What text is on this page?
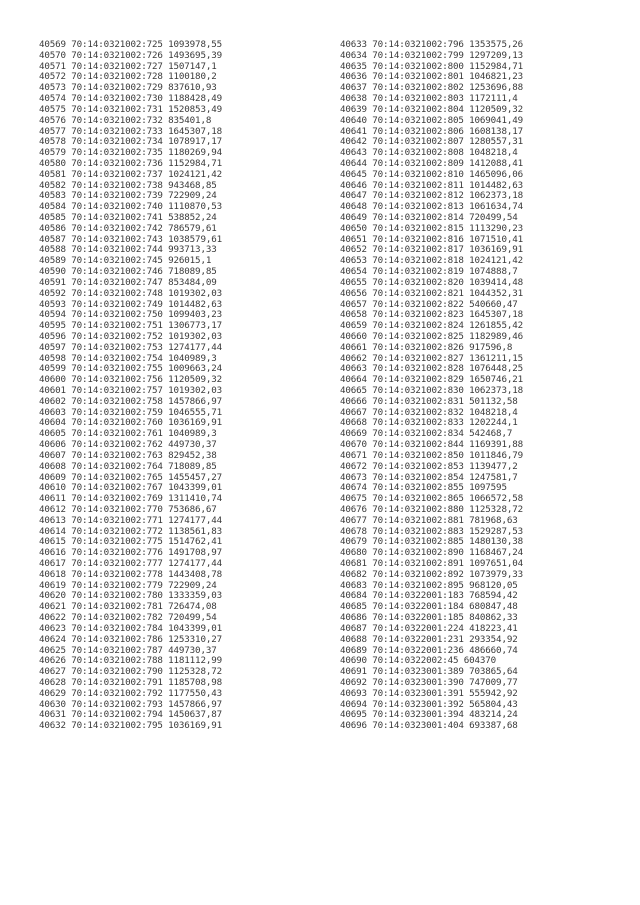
40569 70:14:0321002:725 1093978,55
40570 70:14:0321002:726 1493695,39
40571 70:14:0321002:727 1507147,1
40572 70:14:0321002:728 1100180,2
40573 70:14:0321002:729 837610,93
40574 70:14:0321002:730 1188428,49
40575 70:14:0321002:731 1520853,49
40576 70:14:0321002:732 835401,8
40577 70:14:0321002:733 1645307,18
40578 70:14:0321002:734 1078917,17
40579 70:14:0321002:735 1180269,94
40580 70:14:0321002:736 1152984,71
40581 70:14:0321002:737 1024121,42
40582 70:14:0321002:738 943468,85
40583 70:14:0321002:739 722909,24
40584 70:14:0321002:740 1110870,53
40585 70:14:0321002:741 538852,24
40586 70:14:0321002:742 786579,61
40587 70:14:0321002:743 1038579,61
40588 70:14:0321002:744 993713,33
40589 70:14:0321002:745 926015,1
40590 70:14:0321002:746 718089,85
40591 70:14:0321002:747 853484,09
40592 70:14:0321002:748 1019302,03
40593 70:14:0321002:749 1014482,63
40594 70:14:0321002:750 1099403,23
40595 70:14:0321002:751 1306773,17
40596 70:14:0321002:752 1019302,03
40597 70:14:0321002:753 1274177,44
40598 70:14:0321002:754 1040989,3
40599 70:14:0321002:755 1009663,24
40600 70:14:0321002:756 1120509,32
40601 70:14:0321002:757 1019302,03
40602 70:14:0321002:758 1457866,97
40603 70:14:0321002:759 1046555,71
40604 70:14:0321002:760 1036169,91
40605 70:14:0321002:761 1040989,3
40606 70:14:0321002:762 449730,37
40607 70:14:0321002:763 829452,38
40608 70:14:0321002:764 718089,85
40609 70:14:0321002:765 1455457,27
40610 70:14:0321002:767 1043399,01
40611 70:14:0321002:769 1311410,74
40612 70:14:0321002:770 753686,67
40613 70:14:0321002:771 1274177,44
40614 70:14:0321002:772 1138561,83
40615 70:14:0321002:775 1514762,41
40616 70:14:0321002:776 1491708,97
40617 70:14:0321002:777 1274177,44
40618 70:14:0321002:778 1443408,78
40619 70:14:0321002:779 722909,24
40620 70:14:0321002:780 1333359,03
40621 70:14:0321002:781 726474,08
40622 70:14:0321002:782 720499,54
40623 70:14:0321002:784 1043399,01
40624 70:14:0321002:786 1253310,27
40625 70:14:0321002:787 449730,37
40626 70:14:0321002:788 1181112,99
40627 70:14:0321002:790 1125328,72
40628 70:14:0321002:791 1185708,98
40629 70:14:0321002:792 1177550,43
40630 70:14:0321002:793 1457866,97
40631 70:14:0321002:794 1450637,87
40632 70:14:0321002:795 1036169,91
40633 70:14:0321002:796 1353575,26
40634 70:14:0321002:799 1297209,13
40635 70:14:0321002:800 1152984,71
40636 70:14:0321002:801 1046821,23
40637 70:14:0321002:802 1253696,88
40638 70:14:0321002:803 1172111,4
40639 70:14:0321002:804 1120509,32
40640 70:14:0321002:805 1069041,49
40641 70:14:0321002:806 1608138,17
40642 70:14:0321002:807 1280557,31
40643 70:14:0321002:808 1048218,4
40644 70:14:0321002:809 1412088,41
40645 70:14:0321002:810 1465096,06
40646 70:14:0321002:811 1014482,63
40647 70:14:0321002:812 1062373,18
40648 70:14:0321002:813 1061634,74
40649 70:14:0321002:814 720499,54
40650 70:14:0321002:815 1113290,23
40651 70:14:0321002:816 1071510,41
40652 70:14:0321002:817 1036169,91
40653 70:14:0321002:818 1024121,42
40654 70:14:0321002:819 1074888,7
40655 70:14:0321002:820 1039414,48
40656 70:14:0321002:821 1044352,31
40657 70:14:0321002:822 540660,47
40658 70:14:0321002:823 1645307,18
40659 70:14:0321002:824 1261855,42
40660 70:14:0321002:825 1182989,46
40661 70:14:0321002:826 917596,8
40662 70:14:0321002:827 1361211,15
40663 70:14:0321002:828 1076448,25
40664 70:14:0321002:829 1650746,21
40665 70:14:0321002:830 1062373,18
40666 70:14:0321002:831 501132,58
40667 70:14:0321002:832 1048218,4
40668 70:14:0321002:833 1202244,1
40669 70:14:0321002:834 542468,7
40670 70:14:0321002:844 1169391,88
40671 70:14:0321002:850 1011846,79
40672 70:14:0321002:853 1139477,2
40673 70:14:0321002:854 1247581,7
40674 70:14:0321002:855 1097595
40675 70:14:0321002:865 1066572,58
40676 70:14:0321002:880 1125328,72
40677 70:14:0321002:881 781968,63
40678 70:14:0321002:883 1529287,53
40679 70:14:0321002:885 1480130,38
40680 70:14:0321002:890 1168467,24
40681 70:14:0321002:891 1097651,04
40682 70:14:0321002:892 1073979,33
40683 70:14:0321002:895 968120,05
40684 70:14:0322001:183 768594,42
40685 70:14:0322001:184 680847,48
40686 70:14:0322001:185 840862,33
40687 70:14:0322001:224 418223,41
40688 70:14:0322001:231 293354,92
40689 70:14:0322001:236 486660,74
40690 70:14:0322002:45 604370
40691 70:14:0323001:389 703865,64
40692 70:14:0323001:390 747009,77
40693 70:14:0323001:391 555942,92
40694 70:14:0323001:392 565804,43
40695 70:14:0323001:394 483214,24
40696 70:14:0323001:404 693387,68
